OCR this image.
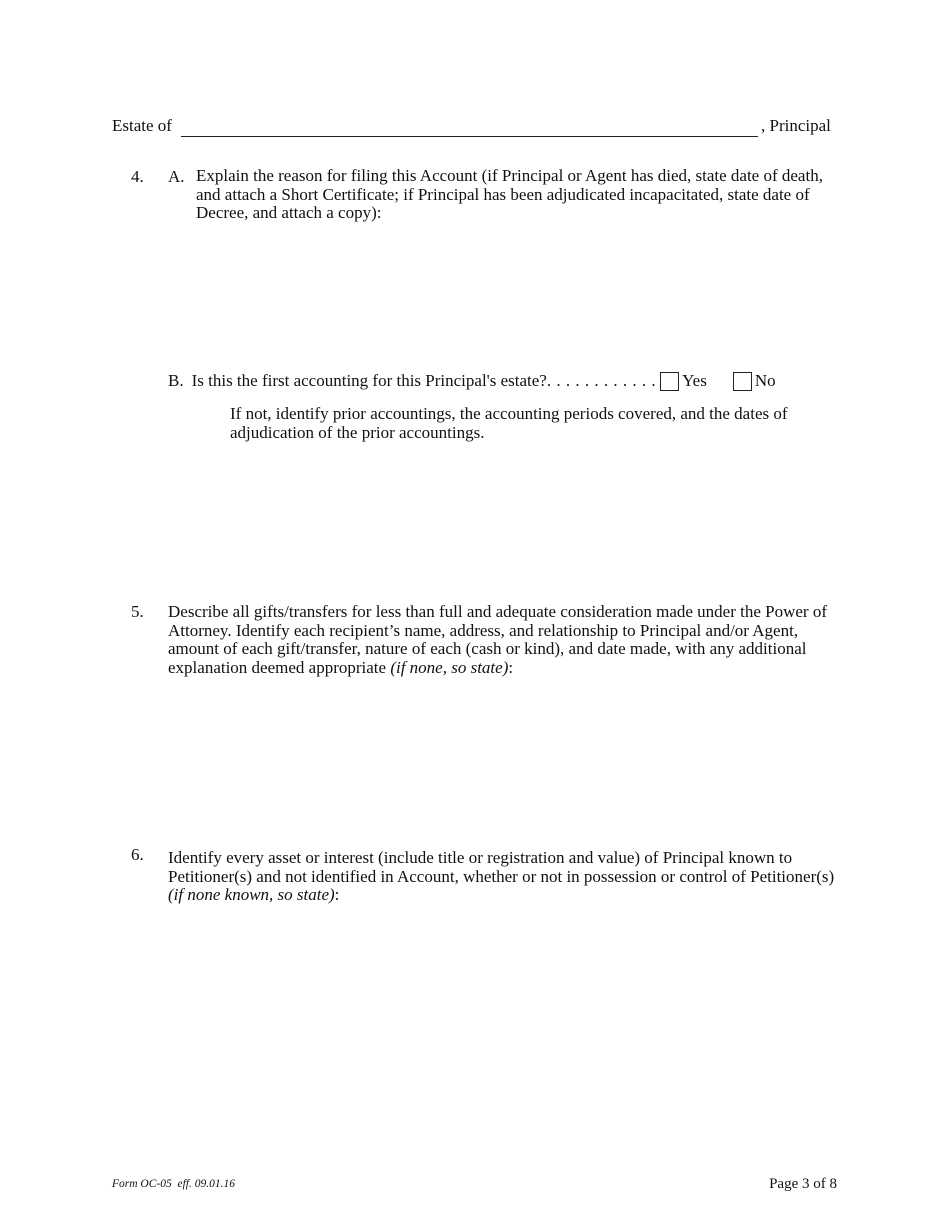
Estate of	, Principal
4. A. Explain the reason for filing this Account (if Principal or Agent has died, state date of death, and attach a Short Certificate; if Principal has been adjudicated incapacitated, state date of Decree, and attach a copy):
B. Is this the first accounting for this Principal's estate? . . . . . . . . . . . . Yes	No
If not, identify prior accountings, the accounting periods covered, and the dates of adjudication of the prior accountings.
5. Describe all gifts/transfers for less than full and adequate consideration made under the Power of Attorney. Identify each recipient’s name, address, and relationship to Principal and/or Agent, amount of each gift/transfer, nature of each (cash or kind), and date made, with any additional explanation deemed appropriate (if none, so state):
6. Identify every asset or interest (include title or registration and value) of Principal known to Petitioner(s) and not identified in Account, whether or not in possession or control of Petitioner(s) (if none known, so state):
Form OC-05  eff. 09.01.16	Page 3 of 8
